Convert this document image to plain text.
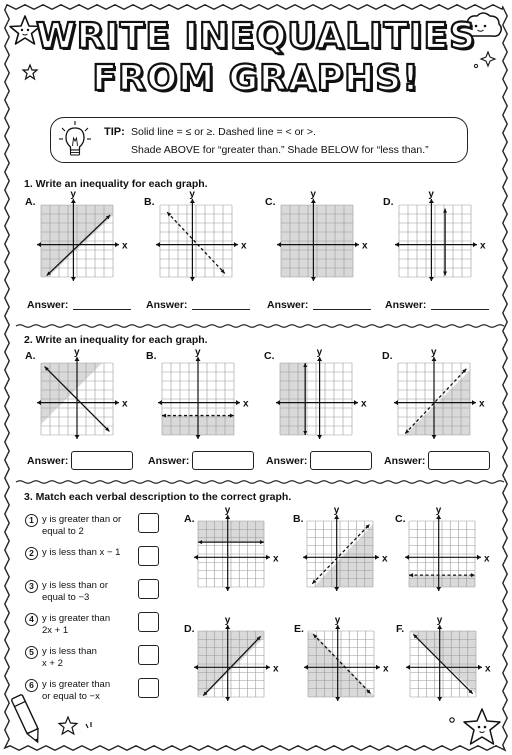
WRITE INEQUALITIES
FROM GRAPHS!
TIP: Solid line = ≤ or ≥. Dashed line = < or >.
Shade ABOVE for “greater than.” Shade BELOW for “less than.”
1. Write an inequality for each graph.
A.
x
y
Answer:
B.
x
y
Answer:
C.
x
y
Answer:
D.
x
y
Answer:
2. Write an inequality for each graph.
A.
x
y
Answer:
B.
x
y
Answer:
C.
x
y
Answer:
D.
x
y
Answer:
3. Match each verbal description to the correct graph.
1 y is greater than or
equal to 2
2 y is less than x − 1
3 y is less than or
equal to −3
4 y is greater than
2x + 1
5 y is less than
x + 2
6 y is greater than
or equal to −x
A.
x
y
B.
x
y
C.
x
y
D.
x
y
E.
x
y
F.
x
y
